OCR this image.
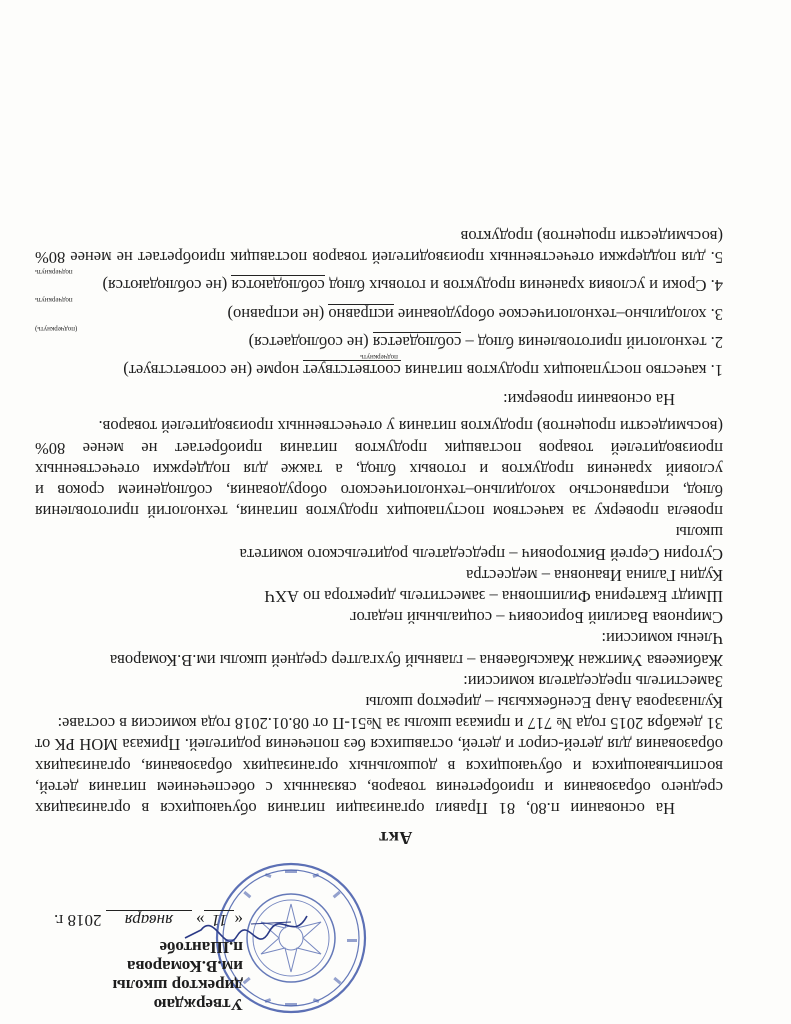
Утверждаю
директор школы
им.В.Комарова
п.Шантобе
«11» января 2018 г.
Акт

На основании п.80, 81 Правил организации питания обучающихся в организациях среднего образования и приобретения товаров, связанных с обеспечением питания детей, воспитывающихся и обучающихся в дошкольных организациях образования, организациях образования для детей-сирот и детей, оставшихся без попечения родителей. Приказа МОН РК от 31 декабря 2015 года № 717 и приказа школы за №51-П от 08.01.2018 года комиссия в составе:

Кулназарова Анар Есенбеккызы – директор школы

Заместитель председателя комиссии:

Жабикеева Умитжан Жаксыбаевна – главный бухгалтер средней школы им.В.Комарова

Члены комиссии:

Смирнова Василий Борисович – социальный педагог

Шмидт Екатерина Филипповна – заместитель директора по АХЧ

Кудин Галина Ивановна – медсестра

Сугорин Сергей Викторович – председатель родительского комитета

школы

провела проверку за качеством поступающих продуктов питания, технологий приготовления блюд, исправностью холодильно–технологического оборудования, соблюдением сроков и условий хранения продуктов и готовых блюд, а также для поддержки отечественных производителей товаров поставщик продуктов питания приобретает не менее 80% (восьмидесяти процентов) продуктов питания у отечественных производителей товаров.

На основании проверки:

1. качество поступающих продуктов питания соответствует норме (не соответствует)
подчеркнуть

2. технологий приготовления блюд – соблюдается (не соблюдается)
(подчеркнуть)

3. холодильно–технологическое оборудование исправно (не исправно)
подчеркнуть

4. Сроки и условия хранения продуктов и готовых блюд соблюдаются (не соблюдаются)
подчеркнуть

5. для поддержки отечественных производителей товаров поставщик приобретает не менее 80% (восьмидесяти процентов) продуктов
